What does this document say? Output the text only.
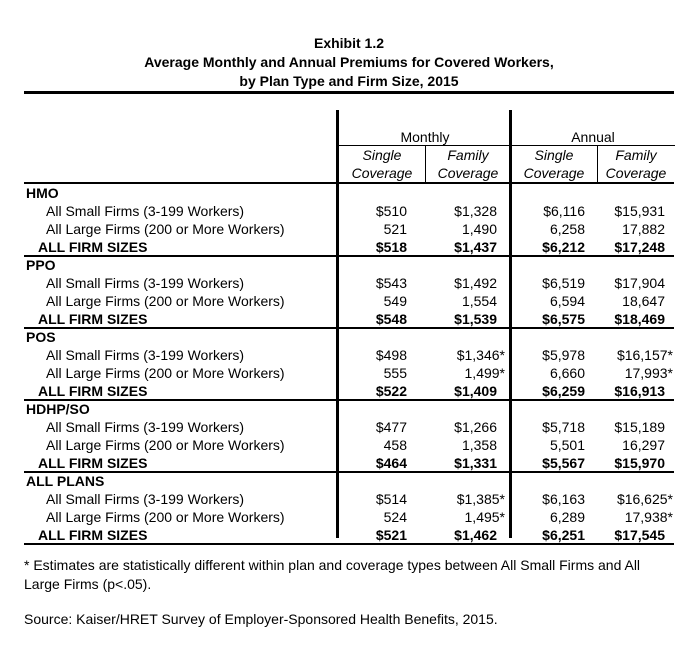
Exhibit 1.2
Average Monthly and Annual Premiums for Covered Workers,
by Plan Type and Firm Size, 2015
Monthly	Annual
Single
Coverage
Family
Coverage
Single
Coverage
Family
Coverage
HMO
All Small Firms (3-199 Workers)	$510	$1,328	$6,116 $15,931
All Large Firms (200 or More Workers)	521	1,490	6,258	17,882
ALL FIRM SIZES	$518	$1,437	$6,212 $17,248
PPO
All Small Firms (3-199 Workers)	$543	$1,492	$6,519 $17,904
All Large Firms (200 or More Workers)	549	1,554	6,594	18,647
ALL FIRM SIZES	$548	$1,539	$6,575 $18,469
POS
All Small Firms (3-199 Workers)	$498	$1,346*	$5,978 $16,157*
All Large Firms (200 or More Workers)	555	1,499*	6,660	17,993*
ALL FIRM SIZES	$522	$1,409	$6,259 $16,913
HDHP/SO
All Small Firms (3-199 Workers)	$477	$1,266	$5,718 $15,189
All Large Firms (200 or More Workers)	458	1,358	5,501	16,297
ALL FIRM SIZES	$464	$1,331	$5,567 $15,970
ALL PLANS
All Small Firms (3-199 Workers)	$514	$1,385*	$6,163 $16,625*
All Large Firms (200 or More Workers)	524	1,495*	6,289	17,938*
ALL FIRM SIZES	$521	$1,462	$6,251 $17,545
* Estimates are statistically different within plan and coverage types between All Small Firms and All
Large Firms (p<.05).
Source: Kaiser/HRET Survey of Employer-Sponsored Health Benefits, 2015.
